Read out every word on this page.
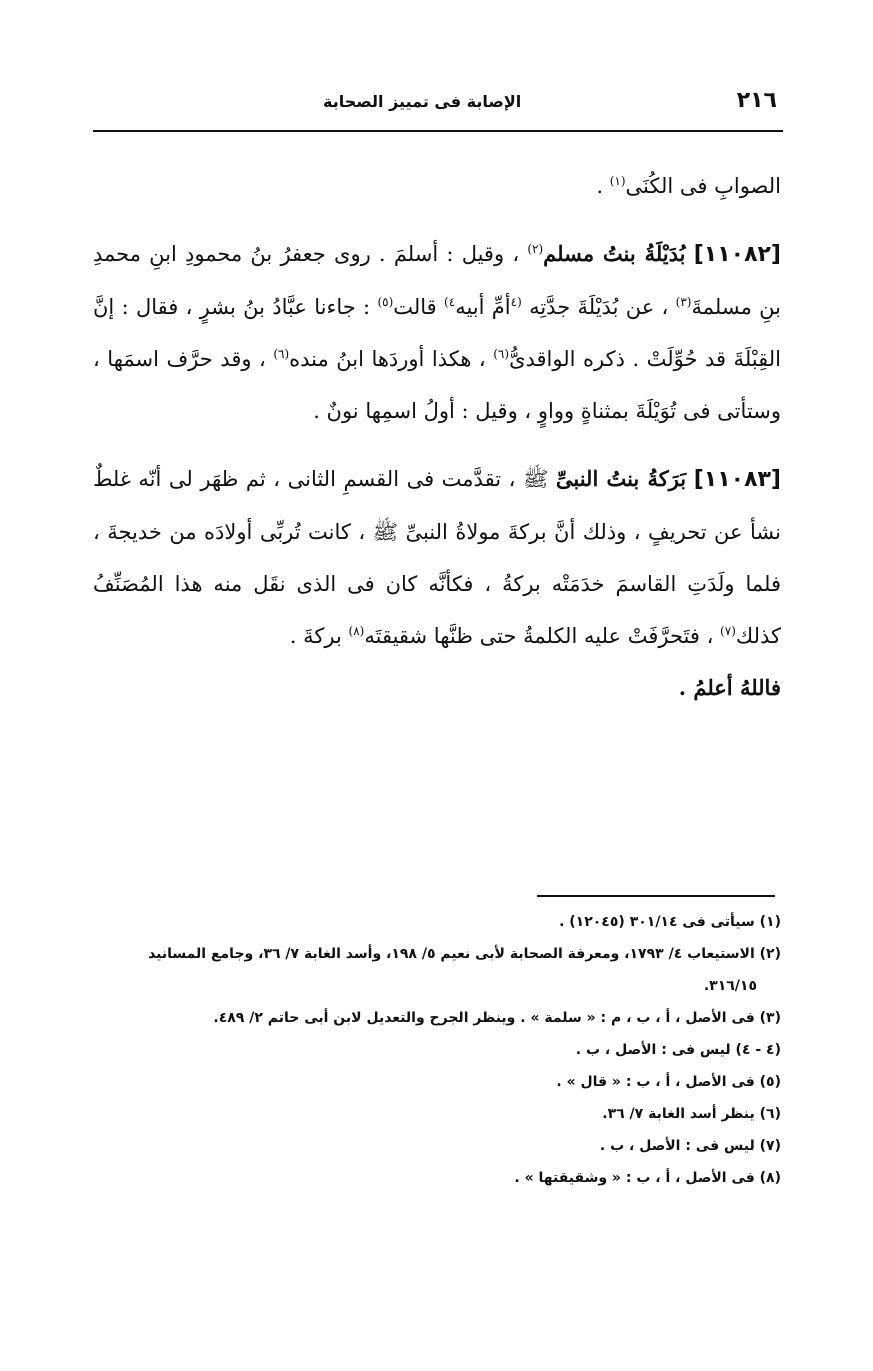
٢١٦
الإصابة فى تمييز الصحابة

الصوابِ فى الكُنَى$^{(١)}$ .

[١١٠٨٢] بُدَيْلَةُ بنتُ مسلم$^{(٢)}$ ، وقيل : أسلمَ . روى جعفرُ بنُ محمودِ ابنِ محمدِ بنِ مسلمةَ$^{(٣)}$ ، عن بُدَيْلَةَ جدَّتِه $^{(٤}$أمِّ أبيه$^{٤)}$ قالت$^{(٥)}$ : جاءنا عبَّادُ بنُ بشرٍ ، فقال : إنَّ القِبْلَةَ قد حُوِّلَتْ . ذكره الواقدىُّ$^{(٦)}$ ، هكذا أوردَها ابنُ منده$^{(٦)}$ ، وقد حرَّف اسمَها ، وستأتى فى تُوَيْلَةَ بمثناةٍ وواوٍ ، وقيل : أولُ اسمِها نونٌ .

[١١٠٨٣] بَرَكةُ بنتُ النبىِّ ﷺ ، تقدَّمت فى القسمِ الثانى ، ثم ظهَر لى أنّه غلطٌ نشأ عن تحريفٍ ، وذلك أنَّ بركةَ مولاةُ النبىِّ ﷺ ، كانت تُربِّى أولادَه من خديجةَ ، فلما ولَدَتِ القاسمَ خدَمَتْه بركةُ ، فكأنَّه كان فى الذى نقَل منه هذا المُصَنِّفُ كذلك$^{(٧)}$ ، فتَحرَّفَتْ عليه الكلمةُ حتى ظنَّها شقيقتَه$^{(٨)}$ بركةَ .

فاللهُ أعلمُ .

(١) سيأتى فى ٣٠١/١٤ (١٢٠٤٥) .
(٢) الاستيعاب ٤/ ١٧٩٣، ومعرفة الصحابة لأبى نعيم ٥/ ١٩٨، وأسد الغابة ٧/ ٣٦، وجامع المسانيد
٣١٦/١٥.
(٣) فى الأصل ، أ ، ب ، م : « سلمة » . وينظر الجرح والتعديل لابن أبى حاتم ٢/ ٤٨٩.
(٤ - ٤) ليس فى : الأصل ، ب .
(٥) فى الأصل ، أ ، ب : « قال » .
(٦) ينظر أسد الغابة ٧/ ٣٦.
(٧) ليس فى : الأصل ، ب .
(٨) فى الأصل ، أ ، ب : « وشقيقتها » .
